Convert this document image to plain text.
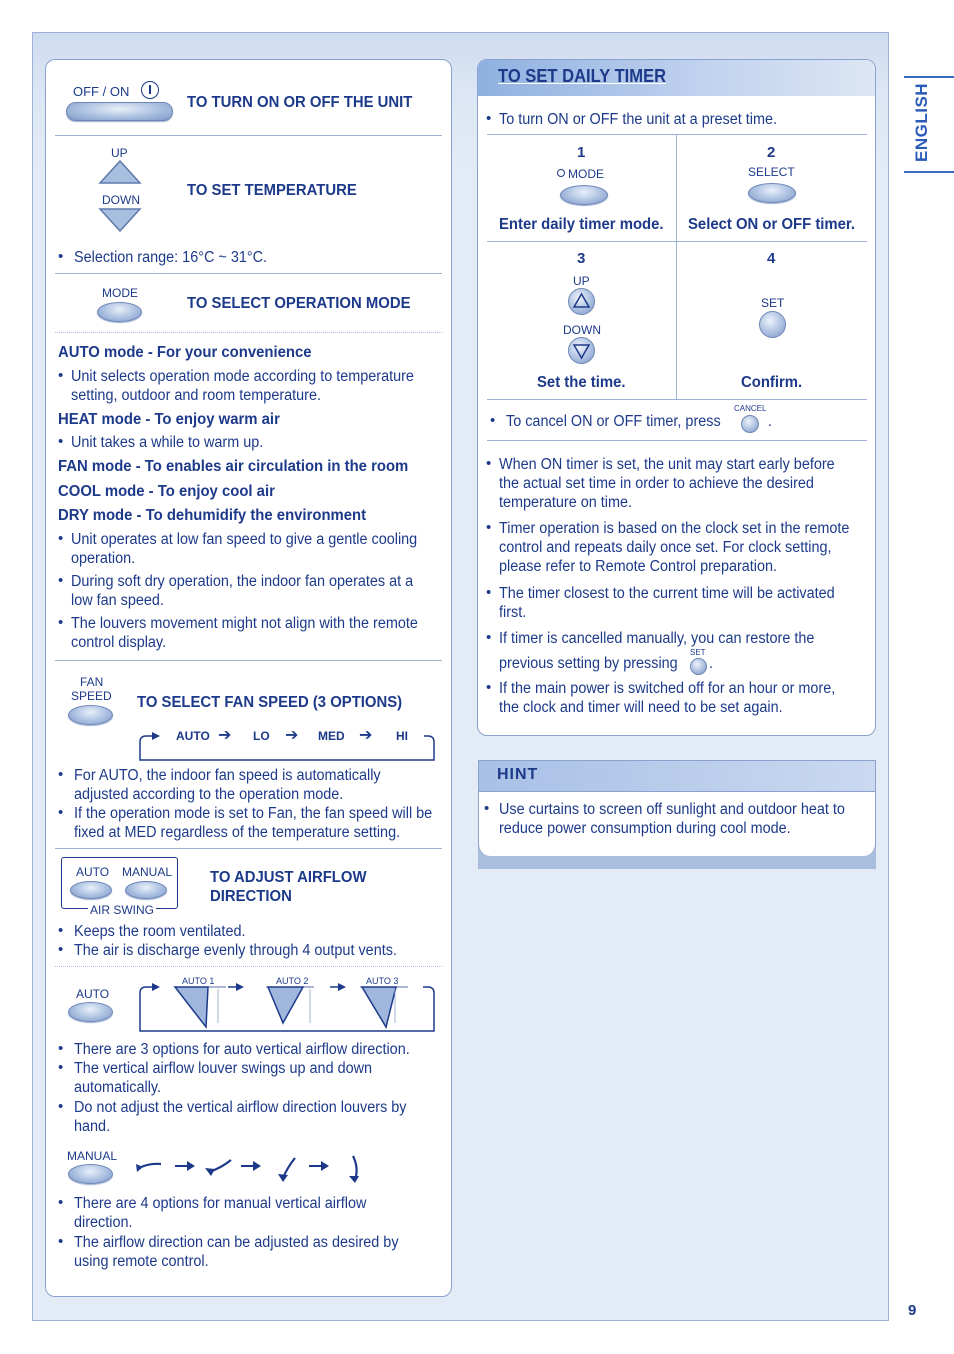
ENGLISH
9
OFF / ON
TO TURN ON OR OFF THE UNIT
UP
DOWN
TO SET TEMPERATURE
• Selection range: 16°C ~ 31°C.
MODE
TO SELECT OPERATION MODE
AUTO mode - For your convenience
• Unit selects operation mode according to temperature setting, outdoor and room temperature.
HEAT mode - To enjoy warm air
• Unit takes a while to warm up.
FAN mode - To enables air circulation in the room
COOL mode - To enjoy cool air
DRY mode - To dehumidify the environment
• Unit operates at low fan speed to give a gentle cooling operation.
• During soft dry operation, the indoor fan operates at a low fan speed.
• The louvers movement might not align with the remote control display.
FAN
SPEED TO SELECT FAN SPEED (3 OPTIONS)
AUTO ➔ LO ➔ MED ➔ HI
• For AUTO, the indoor fan speed is automatically adjusted according to the operation mode.
• If the operation mode is set to Fan, the fan speed will be fixed at MED regardless of the temperature setting.
AUTO MANUAL
AIR SWING
TO ADJUST AIRFLOW
DIRECTION
• Keeps the room ventilated.
• The air is discharge evenly through 4 output vents.
AUTO
AUTO 1	AUTO 2	AUTO 3
• There are 3 options for auto vertical airflow direction.
• The vertical airflow louver swings up and down automatically.
• Do not adjust the vertical airflow direction louvers by hand.
MANUAL
• There are 4 options for manual vertical airflow direction.
• The airflow direction can be adjusted as desired by using remote control.
TO SET DAILY TIMER
• To turn ON or OFF the unit at a preset time.
1
MODE
Enter daily timer mode.
2
SELECT
Select ON or OFF timer.
3
UP
DOWN
Set the time.
4
SET
Confirm.
• To cancel ON or OFF timer, press
CANCEL
.
• When ON timer is set, the unit may start early before the actual set time in order to achieve the desired temperature on time.
• Timer operation is based on the clock set in the remote control and repeats daily once set. For clock setting, please refer to Remote Control preparation.
• The timer closest to the current time will be activated first.
• If timer is cancelled manually, you can restore the
previous setting by pressing
SET
.
• If the main power is switched off for an hour or more, the clock and timer will need to be set again.
HINT
• Use curtains to screen off sunlight and outdoor heat to reduce power consumption during cool mode.
